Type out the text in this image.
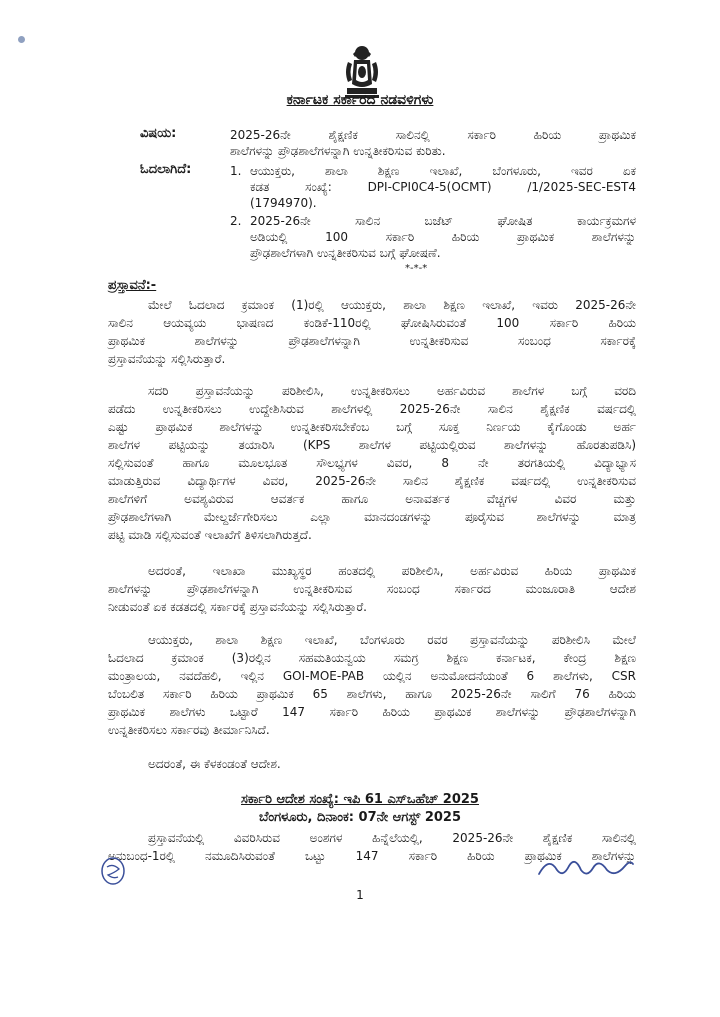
ಕರ್ನಾಟಕ ಸರ್ಕಾರದ ನಡವಳಿಗಳು
ವಿಷಯ:	2025-26ನೇ ಶೈಕ್ಷಣಿಕ ಸಾಲಿನಲ್ಲಿ ಸರ್ಕಾರಿ ಹಿರಿಯ ಪ್ರಾಥಮಿಕ
ಶಾಲೆಗಳನ್ನು ಪ್ರೌಢಶಾಲೆಗಳನ್ನಾಗಿ ಉನ್ನತೀಕರಿಸುವ ಕುರಿತು.
ಓದಲಾಗಿದೆ:	1. ಆಯುಕ್ತರು, ಶಾಲಾ ಶಿಕ್ಷಣ ಇಲಾಖೆ, ಬೆಂಗಳೂರು, ಇವರ ಏಕ
ಕಡತ ಸಂಖ್ಯೆ: DPI-CPI0C4-5(OCMT) /1/2025-SEC-EST4
(1794970).
2. 2025-26ನೇ ಸಾಲಿನ ಬಜೆಟ್ ಘೋಷಿತ ಕಾರ್ಯಕ್ರಮಗಳ
ಅಡಿಯಲ್ಲಿ 100 ಸರ್ಕಾರಿ ಹಿರಿಯ ಪ್ರಾಥಮಿಕ ಶಾಲೆಗಳನ್ನು
ಪ್ರೌಢಶಾಲೆಗಳಾಗಿ ಉನ್ನತೀಕರಿಸುವ ಬಗ್ಗೆ ಘೋಷಣೆ.
*-*-*
ಪ್ರಸ್ತಾವನೆ:-
ಮೇಲೆ ಓದಲಾದ ಕ್ರಮಾಂಕ (1)ರಲ್ಲಿ ಆಯುಕ್ತರು, ಶಾಲಾ ಶಿಕ್ಷಣ ಇಲಾಖೆ, ಇವರು 2025-26ನೇ
ಸಾಲಿನ ಆಯವ್ಯಯ ಭಾಷಣದ ಕಂಡಿಕೆ-110ರಲ್ಲಿ ಘೋಷಿಸಿರುವಂತೆ 100 ಸರ್ಕಾರಿ ಹಿರಿಯ
ಪ್ರಾಥಮಿಕ ಶಾಲೆಗಳನ್ನು ಪ್ರೌಢಶಾಲೆಗಳನ್ನಾಗಿ ಉನ್ನತೀಕರಿಸುವ ಸಂಬಂಧ ಸರ್ಕಾರಕ್ಕೆ
ಪ್ರಸ್ತಾವನೆಯನ್ನು ಸಲ್ಲಿಸಿರುತ್ತಾರೆ.
ಸದರಿ ಪ್ರಸ್ತಾವನೆಯನ್ನು ಪರಿಶೀಲಿಸಿ, ಉನ್ನತೀಕರಿಸಲು ಅರ್ಹವಿರುವ ಶಾಲೆಗಳ ಬಗ್ಗೆ ವರದಿ
ಪಡೆದು ಉನ್ನತೀಕರಿಸಲು ಉದ್ದೇಶಿಸಿರುವ ಶಾಲೆಗಳಲ್ಲಿ 2025-26ನೇ ಸಾಲಿನ ಶೈಕ್ಷಣಿಕ ವರ್ಷದಲ್ಲಿ
ಎಷ್ಟು ಪ್ರಾಥಮಿಕ ಶಾಲೆಗಳನ್ನು ಉನ್ನತೀಕರಿಸಬೇಕೆಂಬ ಬಗ್ಗೆ ಸೂಕ್ತ ನಿರ್ಣಯ ಕೈಗೊಂಡು ಅರ್ಹ
ಶಾಲೆಗಳ ಪಟ್ಟಿಯನ್ನು ತಯಾರಿಸಿ (KPS ಶಾಲೆಗಳ ಪಟ್ಟಿಯಲ್ಲಿರುವ ಶಾಲೆಗಳನ್ನು ಹೊರತುಪಡಿಸಿ)
ಸಲ್ಲಿಸುವಂತೆ ಹಾಗೂ ಮೂಲಭೂತ ಸೌಲಭ್ಯಗಳ ವಿವರ, 8 ನೇ ತರಗತಿಯಲ್ಲಿ ವಿದ್ಯಾಭ್ಯಾಸ
ಮಾಡುತ್ತಿರುವ ವಿದ್ಯಾರ್ಥಿಗಳ ವಿವರ, 2025-26ನೇ ಸಾಲಿನ ಶೈಕ್ಷಣಿಕ ವರ್ಷದಲ್ಲಿ ಉನ್ನತೀಕರಿಸುವ
ಶಾಲೆಗಳಿಗೆ ಅವಶ್ಯವಿರುವ ಆವರ್ತಕ ಹಾಗೂ ಅನಾವರ್ತಕ ವೆಚ್ಚಗಳ ವಿವರ ಮತ್ತು
ಪ್ರೌಢಶಾಲೆಗಳಾಗಿ ಮೇಲ್ದರ್ಜೆಗೇರಿಸಲು ಎಲ್ಲಾ ಮಾನದಂಡಗಳನ್ನು ಪೂರೈಸುವ ಶಾಲೆಗಳನ್ನು ಮಾತ್ರ
ಪಟ್ಟಿ ಮಾಡಿ ಸಲ್ಲಿಸುವಂತೆ ಇಲಾಖೆಗೆ ತಿಳಿಸಲಾಗಿರುತ್ತದೆ.
ಅದರಂತೆ, ಇಲಾಖಾ ಮುಖ್ಯಸ್ಥರ ಹಂತದಲ್ಲಿ ಪರಿಶೀಲಿಸಿ, ಅರ್ಹವಿರುವ ಹಿರಿಯ ಪ್ರಾಥಮಿಕ
ಶಾಲೆಗಳನ್ನು ಪ್ರೌಢಶಾಲೆಗಳನ್ನಾಗಿ ಉನ್ನತೀಕರಿಸುವ ಸಂಬಂಧ ಸರ್ಕಾರದ ಮಂಜೂರಾತಿ ಆದೇಶ
ನೀಡುವಂತೆ ಏಕ ಕಡತದಲ್ಲಿ ಸರ್ಕಾರಕ್ಕೆ ಪ್ರಸ್ತಾವನೆಯನ್ನು ಸಲ್ಲಿಸಿರುತ್ತಾರೆ.
ಆಯುಕ್ತರು, ಶಾಲಾ ಶಿಕ್ಷಣ ಇಲಾಖೆ, ಬೆಂಗಳೂರು ರವರ ಪ್ರಸ್ತಾವನೆಯನ್ನು ಪರಿಶೀಲಿಸಿ ಮೇಲೆ
ಓದಲಾದ ಕ್ರಮಾಂಕ (3)ರಲ್ಲಿನ ಸಹಮತಿಯನ್ವಯ ಸಮಗ್ರ ಶಿಕ್ಷಣ ಕರ್ನಾಟಕ, ಕೇಂದ್ರ ಶಿಕ್ಷಣ
ಮಂತ್ರಾಲಯ, ನವದೆಹಲಿ, ಇಲ್ಲಿನ GOI-MOE-PAB ಯಲ್ಲಿನ ಅನುಮೋದನೆಯಂತೆ 6 ಶಾಲೆಗಳು, CSR
ಬೆಂಬಲಿತ ಸರ್ಕಾರಿ ಹಿರಿಯ ಪ್ರಾಥಮಿಕ 65 ಶಾಲೆಗಳು, ಹಾಗೂ 2025-26ನೇ ಸಾಲಿಗೆ 76 ಹಿರಿಯ
ಪ್ರಾಥಮಿಕ ಶಾಲೆಗಳು ಒಟ್ಟಾರೆ 147 ಸರ್ಕಾರಿ ಹಿರಿಯ ಪ್ರಾಥಮಿಕ ಶಾಲೆಗಳನ್ನು ಪ್ರೌಢಶಾಲೆಗಳನ್ನಾಗಿ
ಉನ್ನತೀಕರಿಸಲು ಸರ್ಕಾರವು ತೀರ್ಮಾನಿಸಿದೆ.
ಅದರಂತೆ, ಈ ಕೆಳಕಂಡಂತೆ ಆದೇಶ.
ಸರ್ಕಾರಿ ಆದೇಶ ಸಂಖ್ಯೆ: ಇಪಿ 61 ಎಸ್‌ಒಹೆಚ್ 2025
ಬೆಂಗಳೂರು, ದಿನಾಂಕ: 07ನೇ ಆಗಸ್ಟ್ 2025
ಪ್ರಸ್ತಾವನೆಯಲ್ಲಿ ವಿವರಿಸಿರುವ ಅಂಶಗಳ ಹಿನ್ನೆಲೆಯಲ್ಲಿ, 2025-26ನೇ ಶೈಕ್ಷಣಿಕ ಸಾಲಿನಲ್ಲಿ
ಅನುಬಂಧ-1ರಲ್ಲಿ ನಮೂದಿಸಿರುವಂತೆ ಒಟ್ಟು 147 ಸರ್ಕಾರಿ ಹಿರಿಯ ಪ್ರಾಥಮಿಕ ಶಾಲೆಗಳನ್ನು
1
